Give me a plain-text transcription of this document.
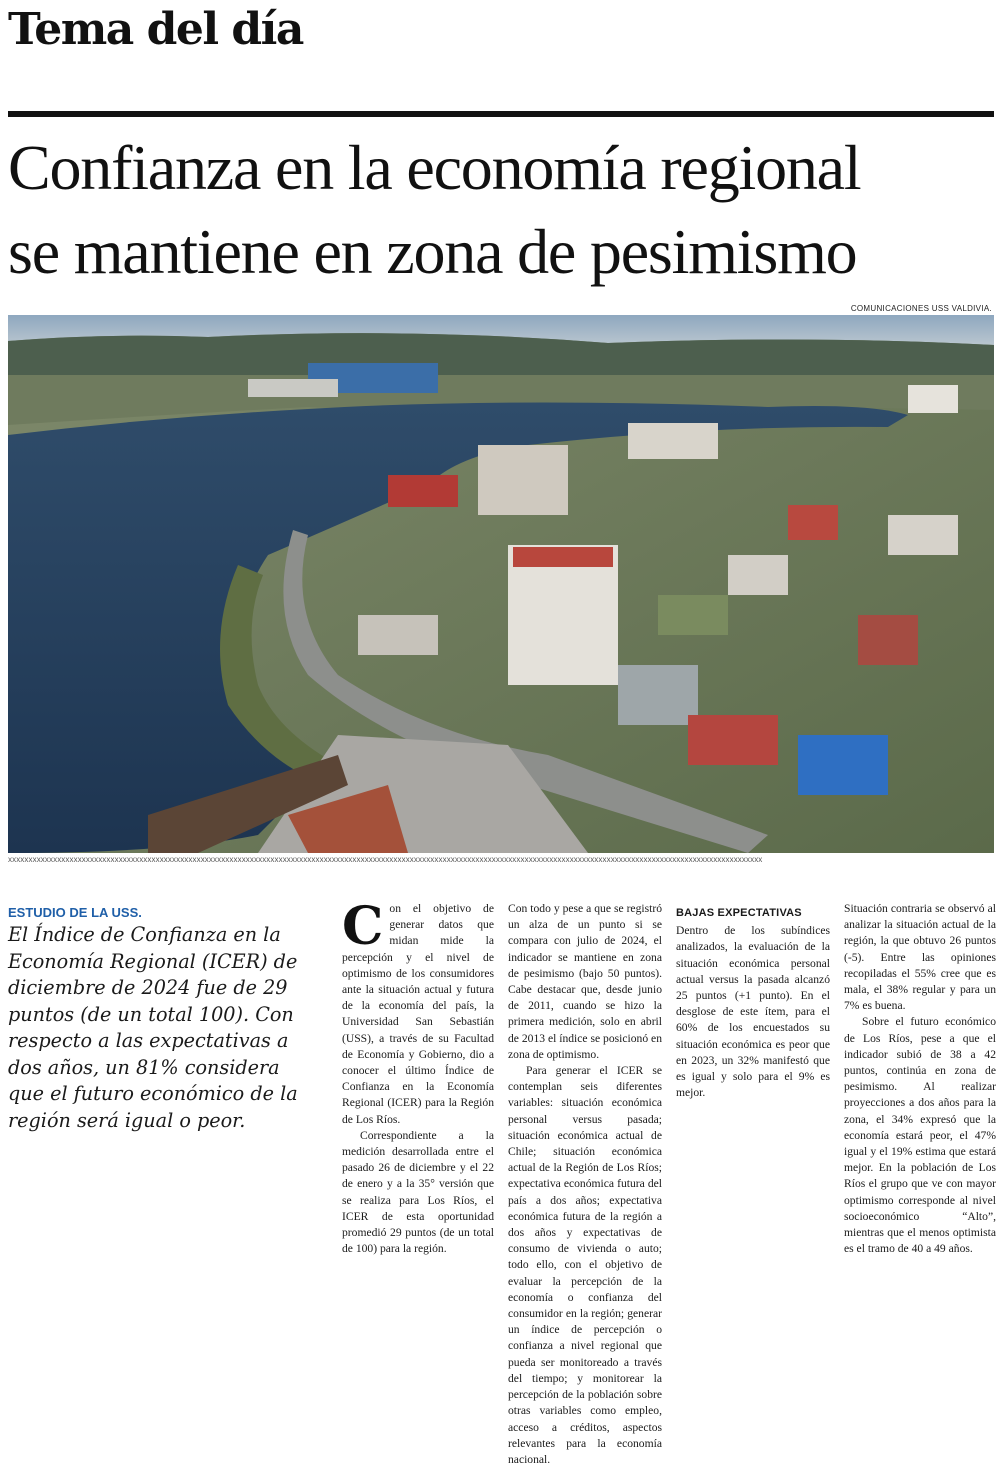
Tema del día
Confianza en la economía regional
se mantiene en zona de pesimismo
COMUNICACIONES USS VALDIVIA.
xxxxxxxxxxxxxxxxxxxxxxxxxxxxxxxxxxxxxxxxxxxxxxxxxxxxxxxxxxxxxxxxxxxxxxxxxxxxxxxxxxxxxxxxxxxxxxxxxxxxxxxxxxxxxxxxxxxxxxxxxxxxxxxxxxxxxxxxxxxxxxxxxxxxxxxxxxxxxxxxxxxxxxxxxxxxxxxxxxxxxxxx
ESTUDIO DE LA USS.
El Índice de Confianza en la Economía Regional (ICER) de diciembre de 2024 fue de 29 puntos (de un total 100). Con respecto a las expectativas a dos años, un 81% considera que el futuro económico de la región será igual o peor.

Con el objetivo de generar datos que midan mide la percepción y el nivel de optimismo de los consumidores ante la situación actual y futura de la economía del país, la Universidad San Sebastián (USS), a través de su Facultad de Economía y Gobierno, dio a conocer el último Índice de Confianza en la Economía Regional (ICER) para la Región de Los Ríos.

Correspondiente a la medición desarrollada entre el pasado 26 de diciembre y el 22 de enero y a la 35° versión que se realiza para Los Ríos, el ICER de esta oportunidad promedió 29 puntos (de un total de 100) para la región.

Con todo y pese a que se registró un alza de un punto si se compara con julio de 2024, el indicador se mantiene en zona de pesimismo (bajo 50 puntos). Cabe destacar que, desde junio de 2011, cuando se hizo la primera medición, solo en abril de 2013 el índice se posicionó en zona de optimismo.

Para generar el ICER se contemplan seis diferentes variables: situación económica personal versus pasada; situación económica actual de Chile; situación económica actual de la Región de Los Ríos; expectativa económica futura del país a dos años; expectativa económica futura de la región a dos años y expectativas de consumo de vivienda o auto; todo ello, con el objetivo de evaluar la percepción de la economía o confianza del consumidor en la región; generar un índice de percepción o confianza a nivel regional que pueda ser monitoreado a través del tiempo; y monitorear la percepción de la población sobre otras variables como empleo, acceso a créditos, aspectos relevantes para la economía nacional.

BAJAS EXPECTATIVAS

Dentro de los subíndices analizados, la evaluación de la situación económica personal actual versus la pasada alcanzó 25 puntos (+1 punto). En el desglose de este ítem, para el 60% de los encuestados su situación económica es peor que en 2023, un 32% manifestó que es igual y solo para el 9% es mejor.

Situación contraria se observó al analizar la situación actual de la región, la que obtuvo 26 puntos (-5). Entre las opiniones recopiladas el 55% cree que es mala, el 38% regular y para un 7% es buena.

Sobre el futuro económico de Los Ríos, pese a que el indicador subió de 38 a 42 puntos, continúa en zona de pesimismo. Al realizar proyecciones a dos años para la zona, el 34% expresó que la economía estará peor, el 47% igual y el 19% estima que estará mejor. En la población de Los Ríos el grupo que ve con mayor optimismo corresponde al nivel socioeconómico “Alto”, mientras que el menos optimista es el tramo de 40 a 49 años.
